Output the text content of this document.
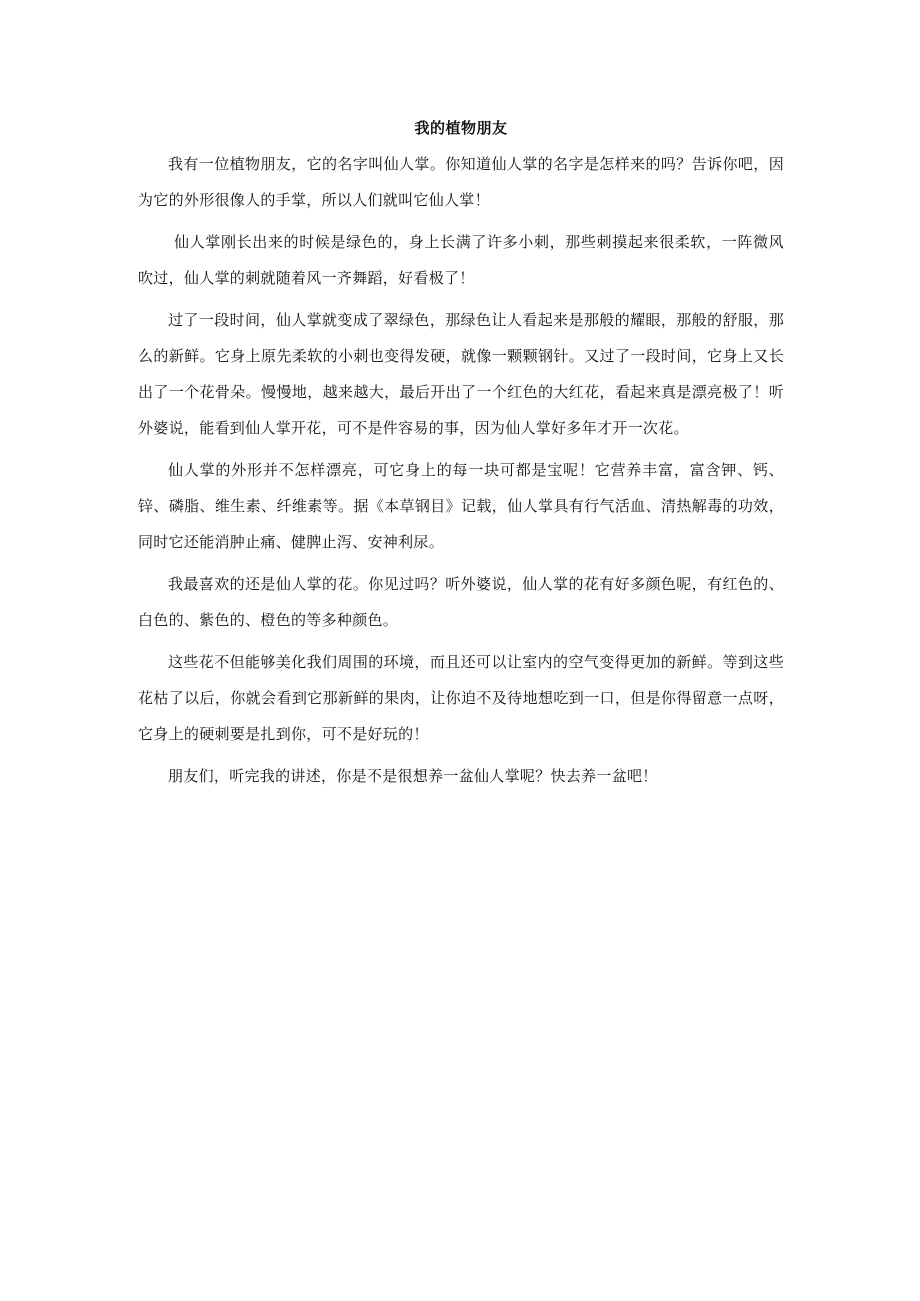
我的植物朋友

我有一位植物朋友，它的名字叫仙人掌。你知道仙人掌的名字是怎样来的吗？告诉你吧，因为它的外形很像人的手掌，所以人们就叫它仙人掌！

仙人掌刚长出来的时候是绿色的，身上长满了许多小刺，那些刺摸起来很柔软，一阵微风吹过，仙人掌的刺就随着风一齐舞蹈，好看极了！

过了一段时间，仙人掌就变成了翠绿色，那绿色让人看起来是那般的耀眼，那般的舒服，那么的新鲜。它身上原先柔软的小刺也变得发硬，就像一颗颗钢针。又过了一段时间，它身上又长出了一个花骨朵。慢慢地，越来越大，最后开出了一个红色的大红花，看起来真是漂亮极了！听外婆说，能看到仙人掌开花，可不是件容易的事，因为仙人掌好多年才开一次花。

仙人掌的外形并不怎样漂亮，可它身上的每一块可都是宝呢！它营养丰富，富含钾、钙、锌、磷脂、维生素、纤维素等。据《本草钢目》记载，仙人掌具有行气活血、清热解毒的功效，同时它还能消肿止痛、健脾止泻、安神利尿。

我最喜欢的还是仙人掌的花。你见过吗？听外婆说，仙人掌的花有好多颜色呢，有红色的、白色的、紫色的、橙色的等多种颜色。

这些花不但能够美化我们周围的环境，而且还可以让室内的空气变得更加的新鲜。等到这些花枯了以后，你就会看到它那新鲜的果肉，让你迫不及待地想吃到一口，但是你得留意一点呀，它身上的硬刺要是扎到你，可不是好玩的！

朋友们，听完我的讲述，你是不是很想养一盆仙人掌呢？快去养一盆吧！
